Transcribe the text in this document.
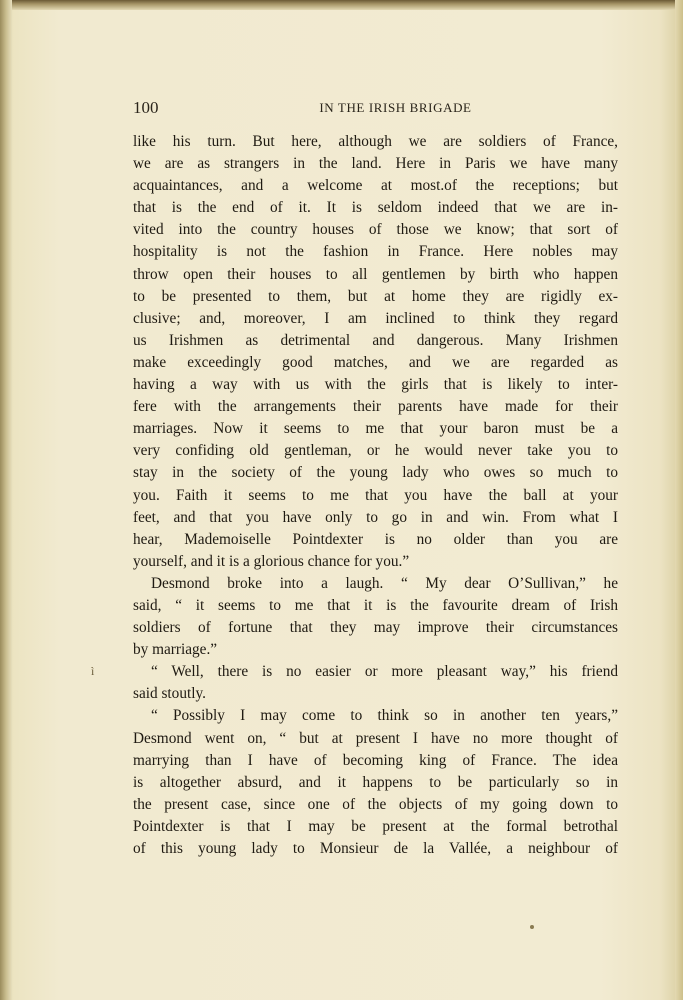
100	IN THE IRISH BRIGADE
like his turn. But here, although we are soldiers of France,
we are as strangers in the land. Here in Paris we have many
acquaintances, and a welcome at most.of the receptions; but
that is the end of it. It is seldom indeed that we are in-
vited into the country houses of those we know; that sort of
hospitality is not the fashion in France. Here nobles may
throw open their houses to all gentlemen by birth who happen
to be presented to them, but at home they are rigidly ex-
clusive; and, moreover, I am inclined to think they regard
us Irishmen as detrimental and dangerous. Many Irishmen
make exceedingly good matches, and we are regarded as
having a way with us with the girls that is likely to inter-
fere with the arrangements their parents have made for their
marriages. Now it seems to me that your baron must be a
very confiding old gentleman, or he would never take you to
stay in the society of the young lady who owes so much to
you. Faith it seems to me that you have the ball at your
feet, and that you have only to go in and win. From what I
hear, Mademoiselle Pointdexter is no older than you are
yourself, and it is a glorious chance for you.”
Desmond broke into a laugh. “ My dear O’Sullivan,” he
said, “ it seems to me that it is the favourite dream of Irish
soldiers of fortune that they may improve their circumstances
by marriage.”
“ Well, there is no easier or more pleasant way,” his friend
said stoutly.
“ Possibly I may come to think so in another ten years,”
Desmond went on, “ but at present I have no more thought of
marrying than I have of becoming king of France. The idea
is altogether absurd, and it happens to be particularly so in
the present case, since one of the objects of my going down to
Pointdexter is that I may be present at the formal betrothal
of this young lady to Monsieur de la Vallée, a neighbour of
ì
